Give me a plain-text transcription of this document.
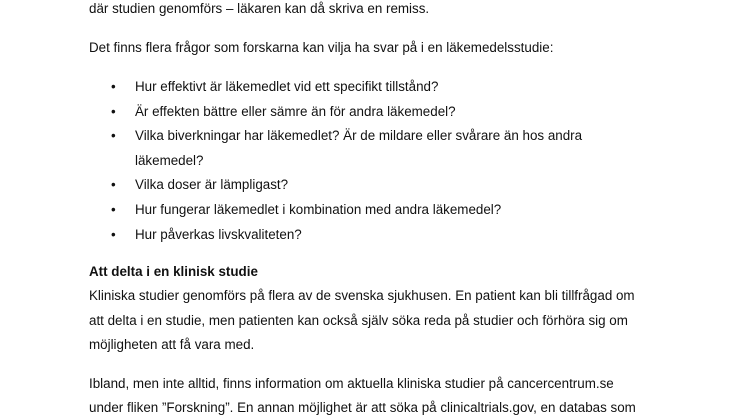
där studien genomförs – läkaren kan då skriva en remiss.
Det finns flera frågor som forskarna kan vilja ha svar på i en läkemedelsstudie:
• Hur effektivt är läkemedlet vid ett specifikt tillstånd?
• Är effekten bättre eller sämre än för andra läkemedel?
• Vilka biverkningar har läkemedlet? Är de mildare eller svårare än hos andra
läkemedel?
• Vilka doser är lämpligast?
• Hur fungerar läkemedlet i kombination med andra läkemedel?
• Hur påverkas livskvaliteten?
Att delta i en klinisk studie
Kliniska studier genomförs på flera av de svenska sjukhusen. En patient kan bli tillfrågad om
att delta i en studie, men patienten kan också själv söka reda på studier och förhöra sig om
möjligheten att få vara med.
Ibland, men inte alltid, finns information om aktuella kliniska studier på cancercentrum.se
under fliken ”Forskning”. En annan möjlighet är att söka på clinicaltrials.gov, en databas som
